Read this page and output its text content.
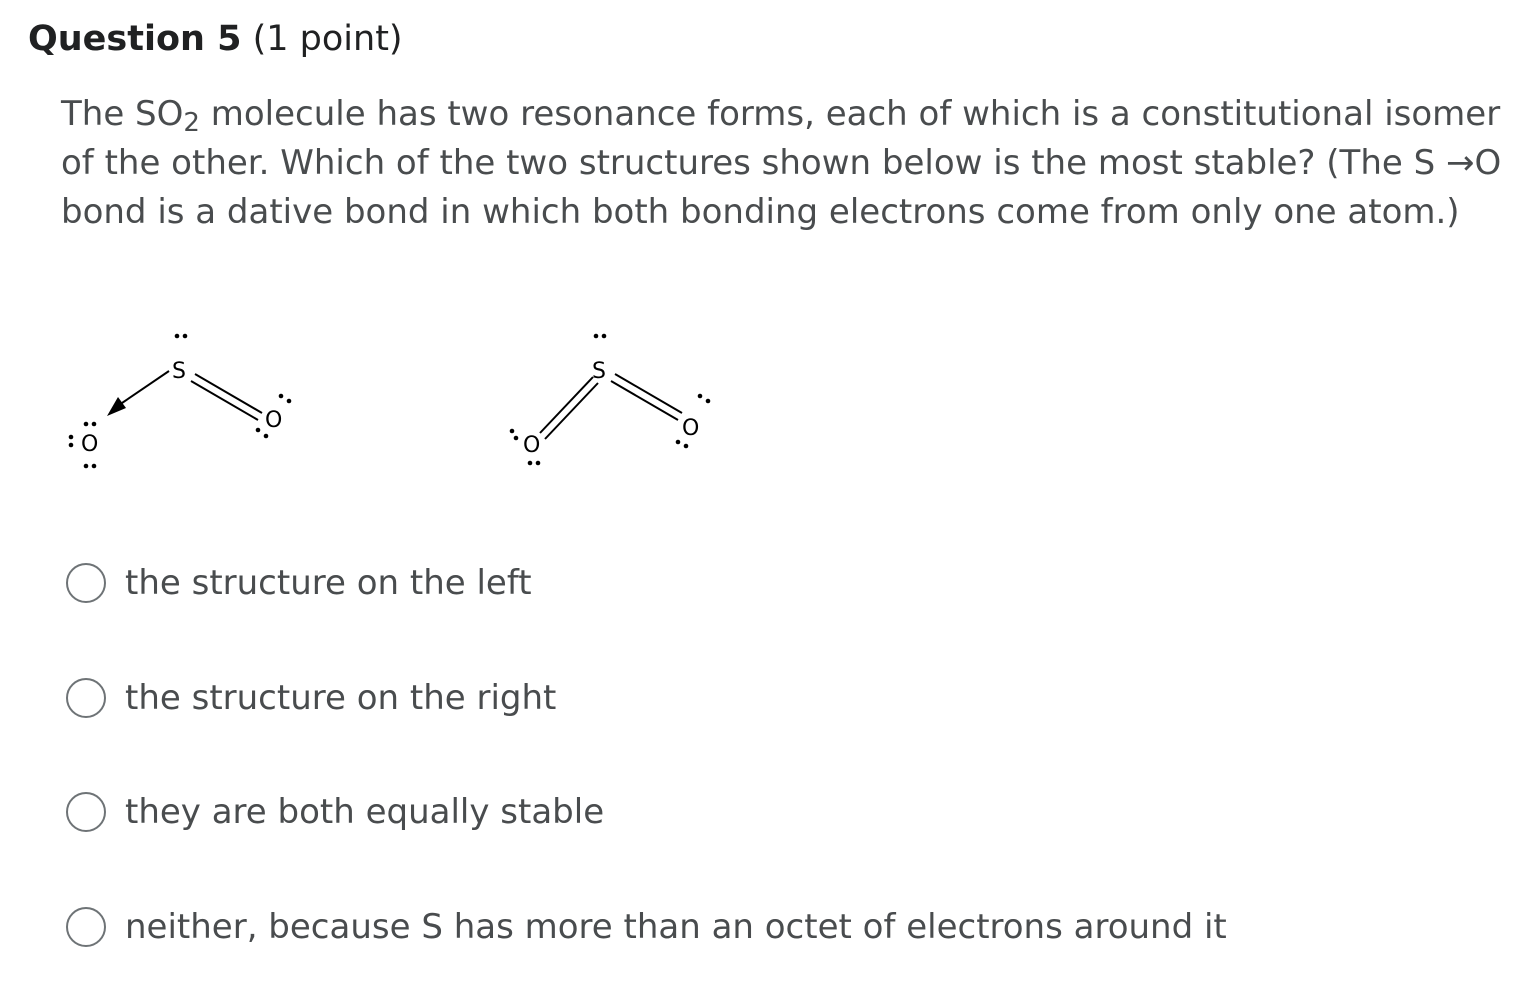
Question 5 (1 point)
The $SO_2$ molecule has two resonance forms, each of which is a constitutional isomer of the other. Which of the two structures shown below is the most stable? (The S →O bond is a dative bond in which both bonding electrons come from only one atom.)
S
O
O
S
O
O
the structure on the left
the structure on the right
they are both equally stable
neither, because S has more than an octet of electrons around it
